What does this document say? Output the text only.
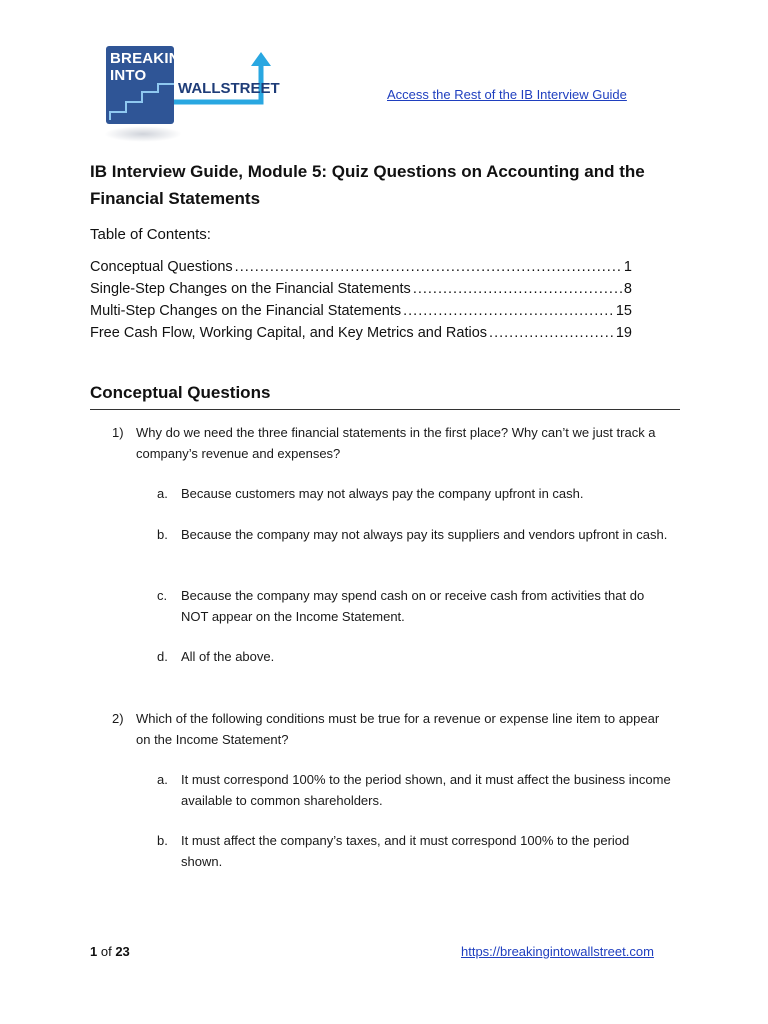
BREAKING
INTO
WALLSTREET	Access the Rest of the IB Interview Guide
IB Interview Guide, Module 5: Quiz Questions on Accounting and the Financial Statements
Table of Contents:
Conceptual Questions .....	1
Single-Step Changes on the Financial Statements .....	8
Multi-Step Changes on the Financial Statements .....	15
Free Cash Flow, Working Capital, and Key Metrics and Ratios .....	19
Conceptual Questions
1) Why do we need the three financial statements in the first place? Why can’t we just track a company’s revenue and expenses?
a. Because customers may not always pay the company upfront in cash.
b. Because the company may not always pay its suppliers and vendors upfront in cash.
c. Because the company may spend cash on or receive cash from activities that do NOT appear on the Income Statement.
d. All of the above.
2) Which of the following conditions must be true for a revenue or expense line item to appear on the Income Statement?
a. It must correspond 100% to the period shown, and it must affect the business income available to common shareholders.
b. It must affect the company’s taxes, and it must correspond 100% to the period shown.
1 of 23	https://breakingintowallstreet.com
